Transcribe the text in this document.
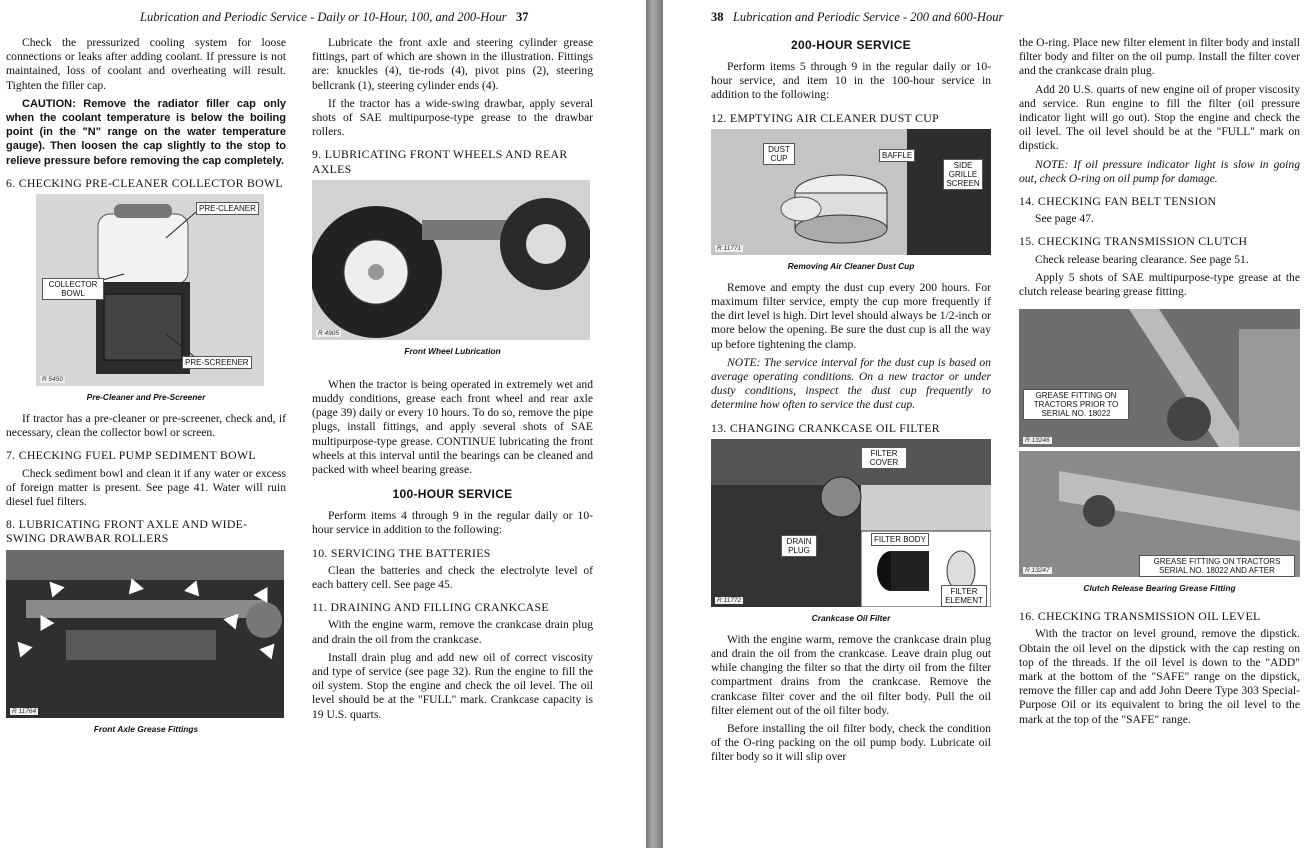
Lubrication and Periodic Service - Daily or 10-Hour, 100, and 200-Hour 37

Check the pressurized cooling system for loose connections or leaks after adding coolant. If pressure is not maintained, loss of coolant and overheating will result. Tighten the filler cap.

CAUTION: Remove the radiator filler cap only when the coolant temperature is below the boiling point (in the "N" range on the water temperature gauge). Then loosen the cap slightly to the stop to relieve pressure before removing the cap completely.

6. CHECKING PRE-CLEANER COLLECTOR BOWL
PRE-CLEANER
COLLECTOR BOWL
PRE-SCREENER
R 5450
Pre-Cleaner and Pre-Screener

If tractor has a pre-cleaner or pre-screener, check and, if necessary, clean the collector bowl or screen.

7. CHECKING FUEL PUMP SEDIMENT BOWL

Check sediment bowl and clean it if any water or excess of foreign matter is present. See page 41. Water will ruin diesel fuel filters.

8. LUBRICATING FRONT AXLE AND WIDE-SWING DRAWBAR ROLLERS
R 11764
Front Axle Grease Fittings

Lubricate the front axle and steering cylinder grease fittings, part of which are shown in the illustration. Fittings are: knuckles (4), tie-rods (4), pivot pins (2), steering bellcrank (1), steering cylinder ends (4).

If the tractor has a wide-swing drawbar, apply several shots of SAE multipurpose-type grease to the drawbar rollers.

9. LUBRICATING FRONT WHEELS AND REAR AXLES
R 4905
Front Wheel Lubrication

When the tractor is being operated in extremely wet and muddy conditions, grease each front wheel and rear axle (page 39) daily or every 10 hours. To do so, remove the pipe plugs, install fittings, and apply several shots of SAE multipurpose-type grease. CONTINUE lubricating the front wheels at this interval until the bearings can be cleaned and packed with wheel bearing grease.

100-HOUR SERVICE

Perform items 4 through 9 in the regular daily or 10-hour service in addition to the following:

10. SERVICING THE BATTERIES

Clean the batteries and check the electrolyte level of each battery cell. See page 45.

11. DRAINING AND FILLING CRANKCASE

With the engine warm, remove the crankcase drain plug and drain the oil from the crankcase.

Install drain plug and add new oil of correct viscosity and type of service (see page 32). Run the engine to fill the oil system. Stop the engine and check the oil level. The oil level should be at the "FULL" mark. Crankcase capacity is 19 U.S. quarts.

38 Lubrication and Periodic Service - 200 and 600-Hour
200-HOUR SERVICE

Perform items 5 through 9 in the regular daily or 10-hour service, and item 10 in the 100-hour service in addition to the following:

12. EMPTYING AIR CLEANER DUST CUP
DUST CUP	BAFFLE
SIDE GRILLE SCREEN
R 11771
Removing Air Cleaner Dust Cup

Remove and empty the dust cup every 200 hours. For maximum filter service, empty the cup more frequently if the dirt level is high. Dirt level should always be 1/2-inch or more below the opening. Be sure the dust cup is all the way up before tightening the clamp.

NOTE: The service interval for the dust cup is based on average operating conditions. On a new tractor or under dusty conditions, inspect the dust cup frequently to determine how often to service the dust cup.

13. CHANGING CRANKCASE OIL FILTER
FILTER COVER
DRAIN PLUG
FILTER BODY
FILTER ELEMENT
R 11772
Crankcase Oil Filter

With the engine warm, remove the crankcase drain plug and drain the oil from the crankcase. Leave drain plug out while changing the filter so that the dirty oil from the filter compartment drains from the crankcase. Remove the crankcase filter cover and the oil filter body. Pull the oil filter element out of the oil filter body.

Before installing the oil filter body, check the condition of the O-ring packing on the oil pump body. Lubricate oil filter body so it will slip over

the O-ring. Place new filter element in filter body and install filter body and filter on the oil pump. Install the filter cover and the crankcase drain plug.

Add 20 U.S. quarts of new engine oil of proper viscosity and service. Run engine to fill the filter (oil pressure indicator light will go out). Stop the engine and check the oil level. The oil level should be at the "FULL" mark on dipstick.

NOTE: If oil pressure indicator light is slow in going out, check O-ring on oil pump for damage.

14. CHECKING FAN BELT TENSION

See page 47.

15. CHECKING TRANSMISSION CLUTCH

Check release bearing clearance. See page 51.

Apply 5 shots of SAE multipurpose-type grease at the clutch release bearing grease fitting.

GREASE FITTING ON TRACTORS PRIOR TO SERIAL NO. 18022
R 13246
GREASE FITTING ON TRACTORS SERIAL NO. 18022 AND AFTER
R 13247
Clutch Release Bearing Grease Fitting
16. CHECKING TRANSMISSION OIL LEVEL

With the tractor on level ground, remove the dipstick. Obtain the oil level on the dipstick with the cap resting on top of the threads. If the oil level is down to the "ADD" mark at the bottom of the "SAFE" range on the dipstick, remove the filler cap and add John Deere Type 303 Special-Purpose Oil or its equivalent to bring the oil level to the mark at the top of the "SAFE" range.
